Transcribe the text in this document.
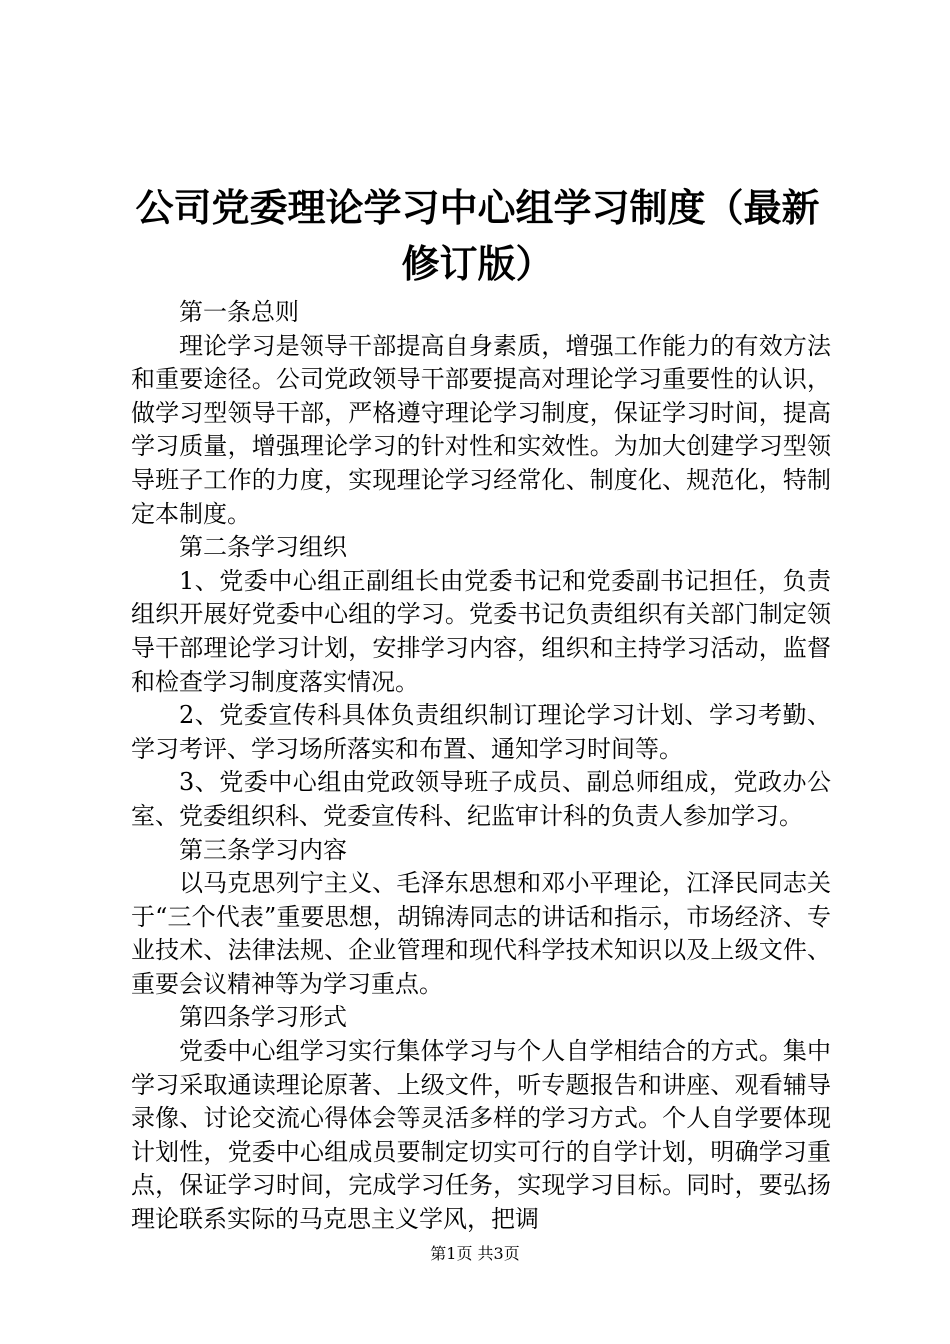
公司党委理论学习中心组学习制度（最新修订版）

第一条总则

理论学习是领导干部提高自身素质，增强工作能力的有效方法和重要途径。公司党政领导干部要提高对理论学习重要性的认识，做学习型领导干部，严格遵守理论学习制度，保证学习时间，提高学习质量，增强理论学习的针对性和实效性。为加大创建学习型领导班子工作的力度，实现理论学习经常化、制度化、规范化，特制定本制度。

第二条学习组织

1、党委中心组正副组长由党委书记和党委副书记担任，负责组织开展好党委中心组的学习。党委书记负责组织有关部门制定领导干部理论学习计划，安排学习内容，组织和主持学习活动，监督和检查学习制度落实情况。

2、党委宣传科具体负责组织制订理论学习计划、学习考勤、学习考评、学习场所落实和布置、通知学习时间等。

3、党委中心组由党政领导班子成员、副总师组成，党政办公室、党委组织科、党委宣传科、纪监审计科的负责人参加学习。

第三条学习内容

以马克思列宁主义、毛泽东思想和邓小平理论，江泽民同志关于“三个代表”重要思想，胡锦涛同志的讲话和指示，市场经济、专业技术、法律法规、企业管理和现代科学技术知识以及上级文件、重要会议精神等为学习重点。

第四条学习形式

党委中心组学习实行集体学习与个人自学相结合的方式。集中学习采取通读理论原著、上级文件，听专题报告和讲座、观看辅导录像、讨论交流心得体会等灵活多样的学习方式。个人自学要体现计划性，党委中心组成员要制定切实可行的自学计划，明确学习重点，保证学习时间，完成学习任务，实现学习目标。同时，要弘扬理论联系实际的马克思主义学风，把调

第1页 共3页
